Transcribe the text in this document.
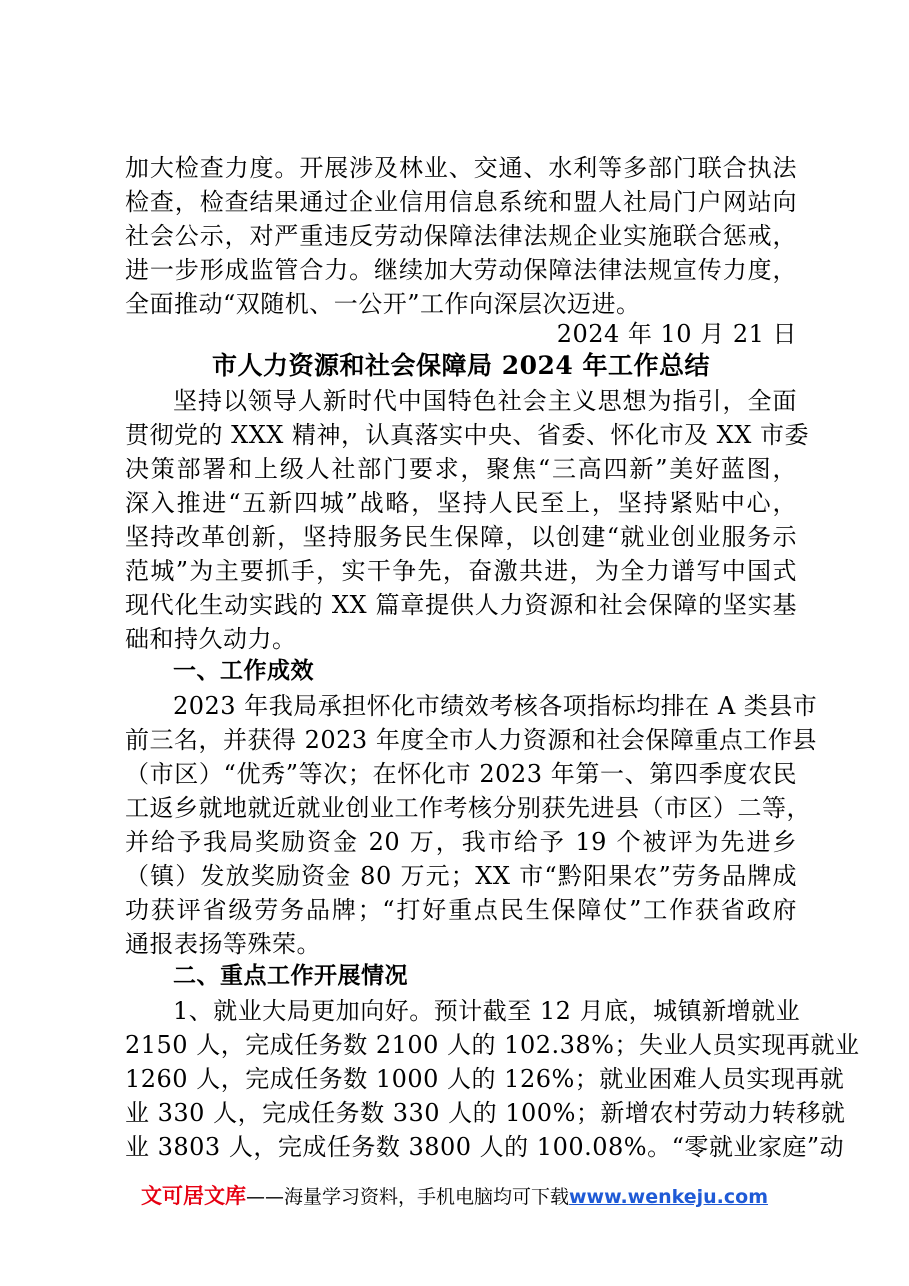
加大检查力度。开展涉及林业、交通、水利等多部门联合执法
检查，检查结果通过企业信用信息系统和盟人社局门户网站向
社会公示，对严重违反劳动保障法律法规企业实施联合惩戒，
进一步形成监管合力。继续加大劳动保障法律法规宣传力度，
全面推动“双随机、一公开”工作向深层次迈进。
2024 年 10 月 21 日
市人力资源和社会保障局 2024 年工作总结
坚持以领导人新时代中国特色社会主义思想为指引，全面
贯彻党的 XXX 精神，认真落实中央、省委、怀化市及 XX 市委
决策部署和上级人社部门要求，聚焦“三高四新”美好蓝图，
深入推进“五新四城”战略，坚持人民至上，坚持紧贴中心，
坚持改革创新，坚持服务民生保障，以创建“就业创业服务示
范城”为主要抓手，实干争先，奋激共进，为全力谱写中国式
现代化生动实践的 XX 篇章提供人力资源和社会保障的坚实基
础和持久动力。
一、工作成效
2023 年我局承担怀化市绩效考核各项指标均排在 A 类县市
前三名，并获得 2023 年度全市人力资源和社会保障重点工作县
（市区）“优秀”等次；在怀化市 2023 年第一、第四季度农民
工返乡就地就近就业创业工作考核分别获先进县（市区）二等，
并给予我局奖励资金 20 万，我市给予 19 个被评为先进乡
（镇）发放奖励资金 80 万元；XX 市“黔阳果农”劳务品牌成
功获评省级劳务品牌；“打好重点民生保障仗”工作获省政府
通报表扬等殊荣。
二、重点工作开展情况
1、就业大局更加向好。预计截至 12 月底，城镇新增就业
2150 人，完成任务数 2100 人的 102.38%；失业人员实现再就业
1260 人，完成任务数 1000 人的 126%；就业困难人员实现再就
业 330 人，完成任务数 330 人的 100%；新增农村劳动力转移就
业 3803 人，完成任务数 3800 人的 100.08%。“零就业家庭”动
文可居文库——海量学习资料，手机电脑均可下载www.wenkeju.com
